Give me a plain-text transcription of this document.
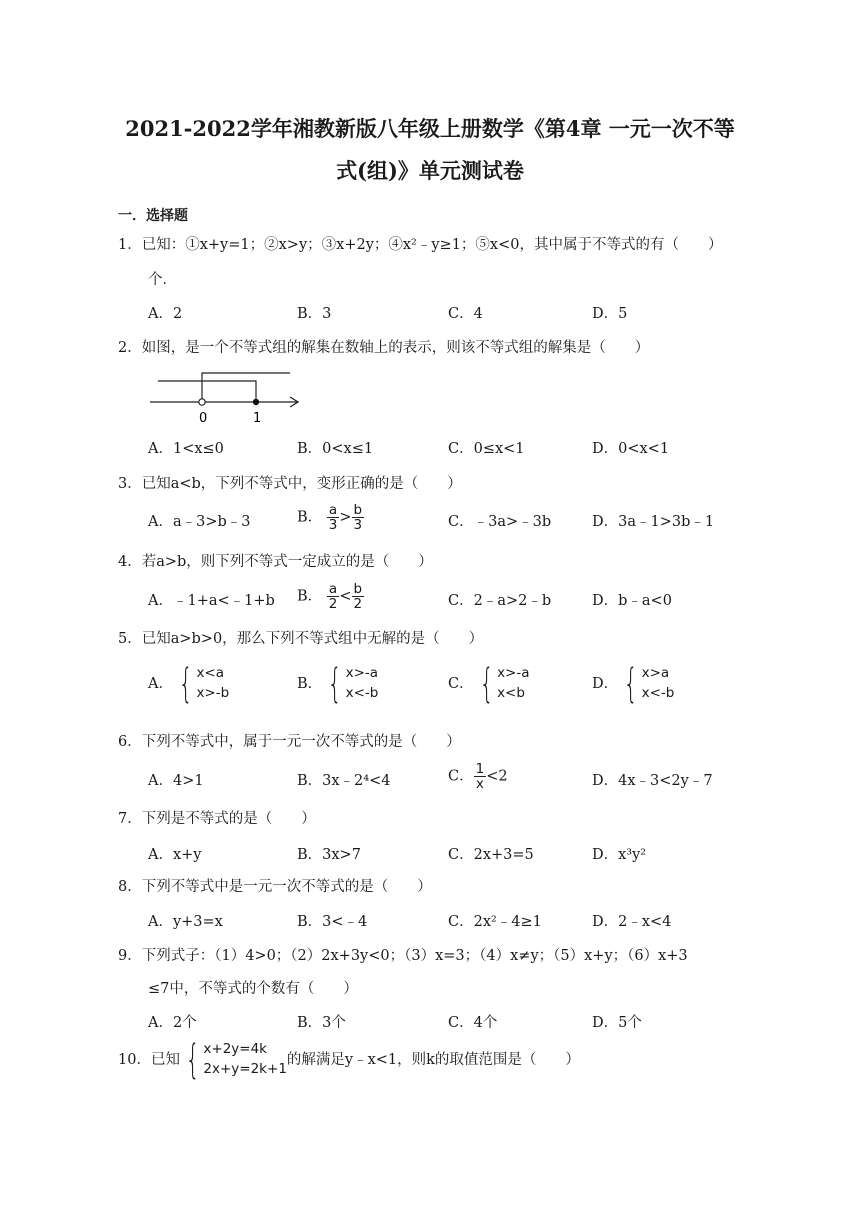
2021-2022学年湘教新版八年级上册数学《第4章 一元一次不等
式(组)》单元测试卷
一．选择题
1．已知：①x+y=1；②x>y；③x+2y；④x²﹣y≥1；⑤x<0，其中属于不等式的有（　　）
个．
A．2	B．3	C．4	D．5
2．如图，是一个不等式组的解集在数轴上的表示，则该不等式组的解集是（　　）
0	1
A．1<x≤0	B．0<x≤1	C．0≤x<1	D．0<x<1
3．已知a<b，下列不等式中，变形正确的是（　　）
A．a﹣3>b﹣3	B． $\frac{a}{3} > \frac{b}{3}$	C．﹣3a>﹣3b	D．3a﹣1>3b﹣1
4．若a>b，则下列不等式一定成立的是（　　）
A．﹣1+a<﹣1+b B． $\frac{a}{2} < \frac{b}{2}$	C．2﹣a>2﹣b	D．b﹣a<0
5．已知a>b>0，那么下列不等式组中无解的是（　　）
A． { x<a
x>-b
B． { x>-a
x<-b
C． { x>-a
x<b
D． { x>a
x<-b
6．下列不等式中，属于一元一次不等式的是（　　）
A．4>1	B．3x﹣2⁴<4	C． $\frac{1}{x} <2$	D．4x﹣3<2y﹣7
7．下列是不等式的是（　　）
A．x+y	B．3x>7	C．2x+3=5	D．x³y²
8．下列不等式中是一元一次不等式的是（　　）
A．y+3=x	B．3<﹣4	C．2x²﹣4≥1	D．2﹣x<4
9．下列式子：（1）4>0；（2）2x+3y<0；（3）x=3；（4）x≠y；（5）x+y；（6）x+3
≤7中，不等式的个数有（　　）
A．2个	B．3个	C．4个	D．5个
10．已知 { x+2y=4k
2x+y=2k+1
的解满足y﹣x<1，则k的取值范围是（　　）
